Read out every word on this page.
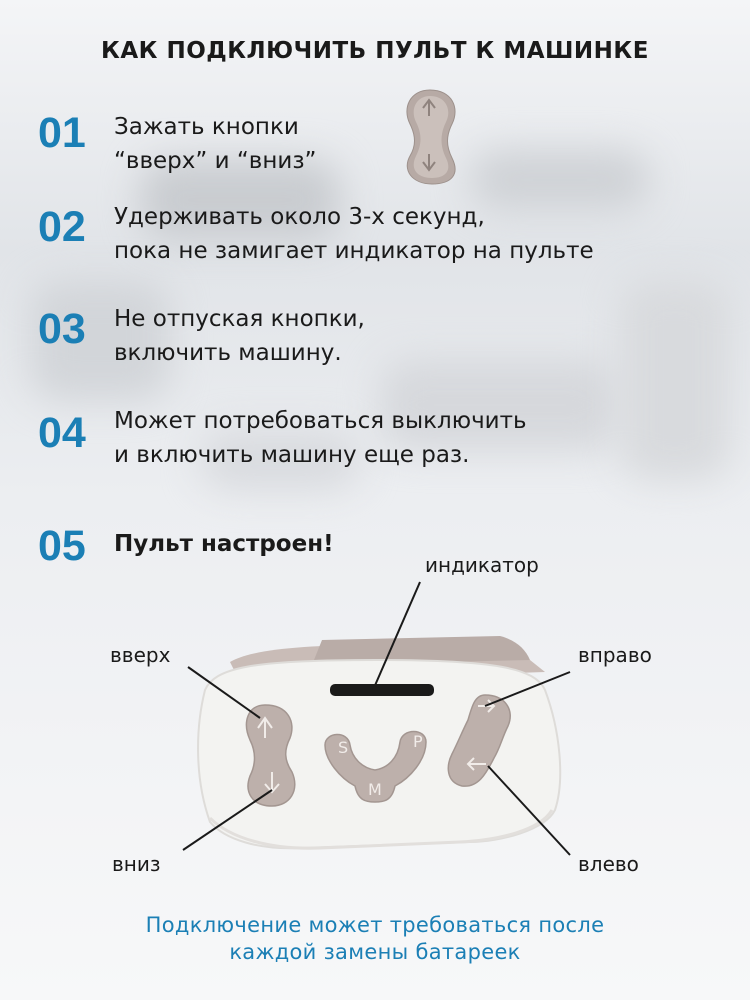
КАК ПОДКЛЮЧИТЬ ПУЛЬТ К МАШИНКЕ
01	Зажать кнопки
“вверх” и “вниз”
02	Удерживать около 3-х секунд,
пока не замигает индикатор на пульте
03	Не отпуская кнопки,
включить машину.
04	Может потребоваться выключить
и включить машину еще раз.
05	Пульт настроен!
S	P
M
индикатор
вверх	вправо
вниз	влево
Подключение может требоваться после
каждой замены батареек
